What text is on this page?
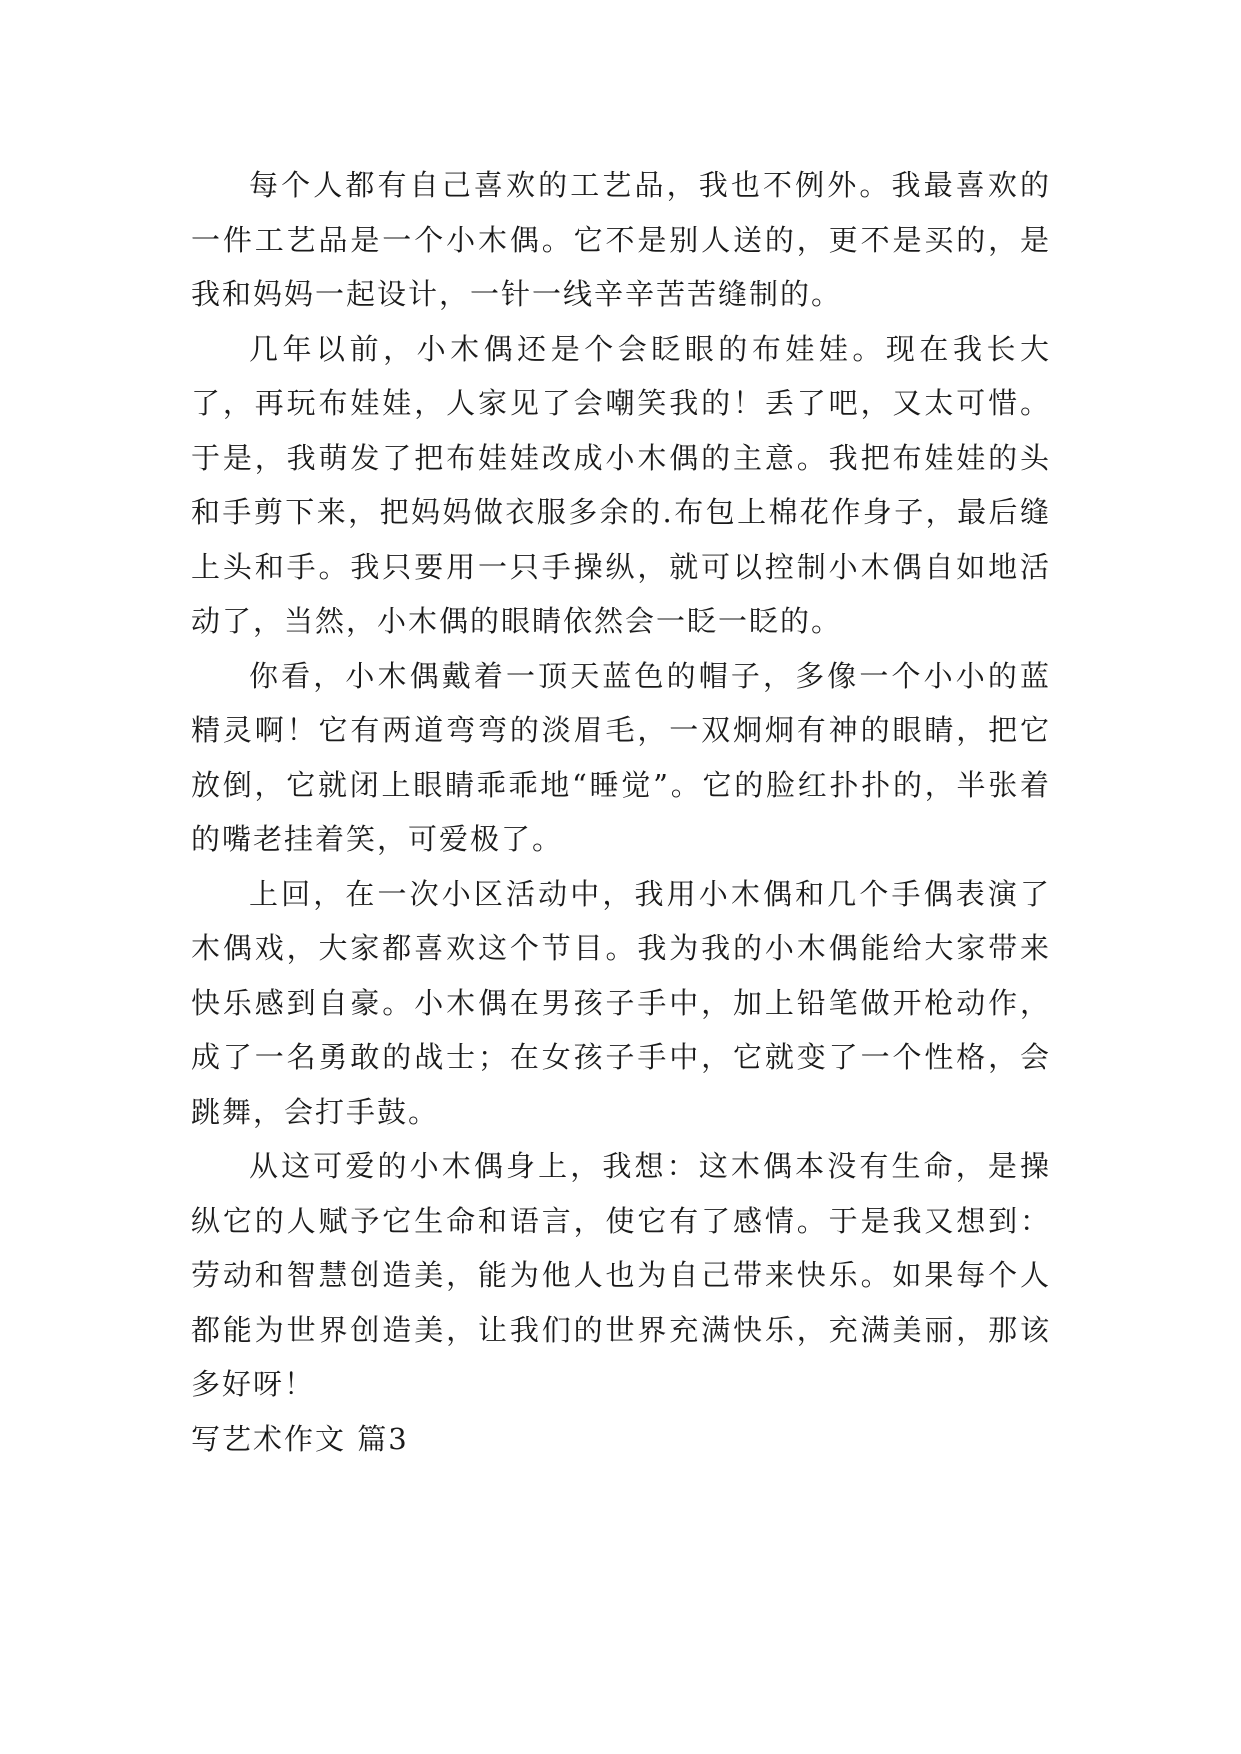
每个人都有自己喜欢的工艺品，我也不例外。我最喜欢的一件工艺品是一个小木偶。它不是别人送的，更不是买的，是我和妈妈一起设计，一针一线辛辛苦苦缝制的。

几年以前，小木偶还是个会眨眼的布娃娃。现在我长大了，再玩布娃娃，人家见了会嘲笑我的！丢了吧，又太可惜。于是，我萌发了把布娃娃改成小木偶的主意。我把布娃娃的头和手剪下来，把妈妈做衣服多余的.布包上棉花作身子，最后缝上头和手。我只要用一只手操纵，就可以控制小木偶自如地活动了，当然，小木偶的眼睛依然会一眨一眨的。

你看，小木偶戴着一顶天蓝色的帽子，多像一个小小的蓝精灵啊！它有两道弯弯的淡眉毛，一双炯炯有神的眼睛，把它放倒，它就闭上眼睛乖乖地“睡觉”。它的脸红扑扑的，半张着的嘴老挂着笑，可爱极了。

上回，在一次小区活动中，我用小木偶和几个手偶表演了木偶戏，大家都喜欢这个节目。我为我的小木偶能给大家带来快乐感到自豪。小木偶在男孩子手中，加上铅笔做开枪动作，成了一名勇敢的战士；在女孩子手中，它就变了一个性格，会跳舞，会打手鼓。

从这可爱的小木偶身上，我想：这木偶本没有生命，是操纵它的人赋予它生命和语言，使它有了感情。于是我又想到：劳动和智慧创造美，能为他人也为自己带来快乐。如果每个人都能为世界创造美，让我们的世界充满快乐，充满美丽，那该多好呀！

写艺术作文 篇3
